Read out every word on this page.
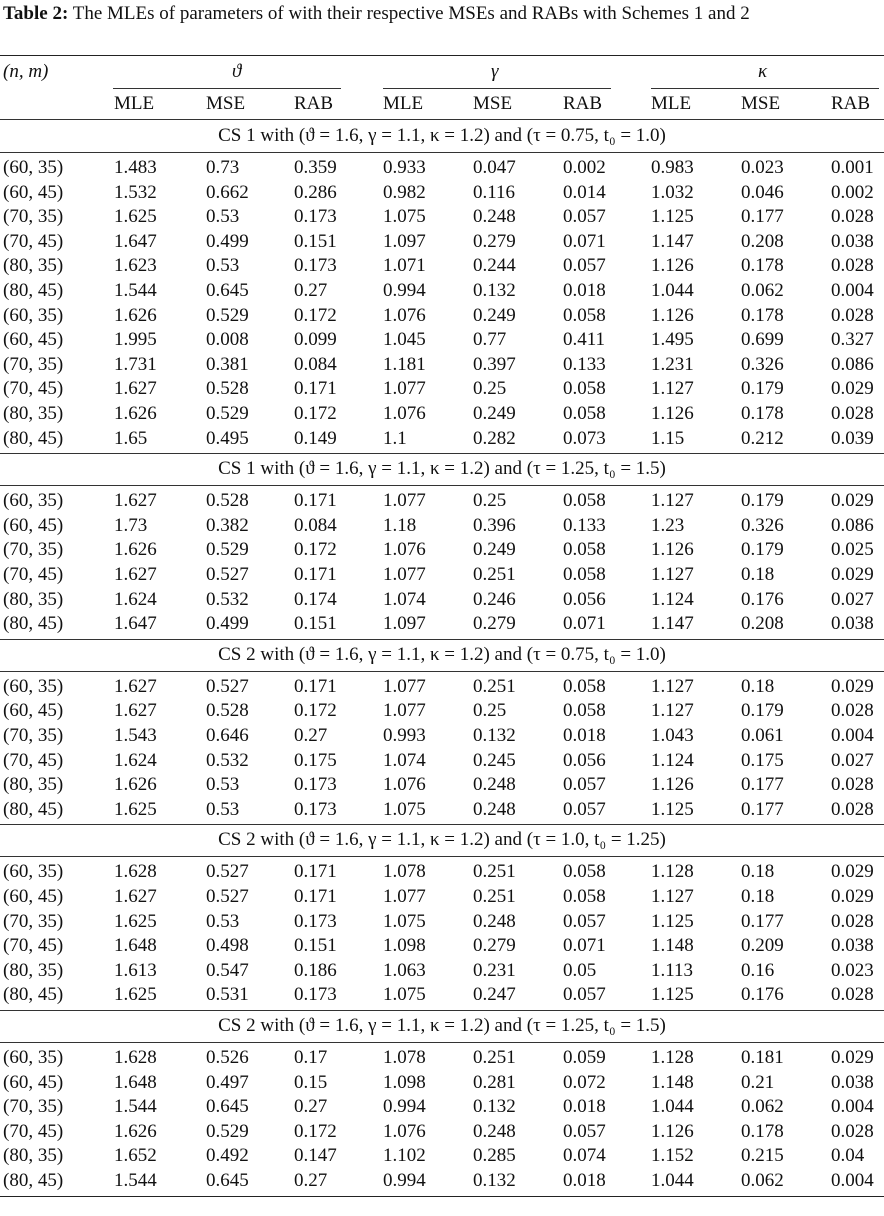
Table 2: The MLEs of parameters of with their respective MSEs and RABs with Schemes 1 and 2
(n, m)	ϑ	γ	κ
MLE	MSE	RAB	MLE	MSE	RAB	MLE	MSE	RAB
CS 1 with (ϑ = 1.6, γ = 1.1, κ = 1.2) and (τ = 0.75, t₀ = 1.0)
(60, 35)	1.483	0.73	0.359 0.933 0.047 0.002 0.983 0.023 0.001
(60, 45)	1.532	0.662 0.286 0.982 0.116	0.014 1.032 0.046 0.002
(70, 35)	1.625	0.53	0.173 1.075 0.248 0.057 1.125 0.177 0.028
(70, 45)	1.647	0.499 0.151 1.097 0.279 0.071 1.147 0.208 0.038
(80, 35)	1.623	0.53	0.173 1.071 0.244 0.057 1.126 0.178 0.028
(80, 45)	1.544	0.645 0.27	0.994 0.132 0.018 1.044 0.062 0.004
(60, 35)	1.626	0.529 0.172 1.076 0.249 0.058 1.126 0.178 0.028
(60, 45)	1.995	0.008 0.099 1.045 0.77	0.411 1.495 0.699 0.327
(70, 35)	1.731	0.381 0.084 1.181 0.397 0.133 1.231 0.326 0.086
(70, 45)	1.627	0.528 0.171 1.077 0.25	0.058 1.127 0.179 0.029
(80, 35)	1.626	0.529 0.172 1.076 0.249 0.058 1.126 0.178 0.028
(80, 45)	1.65	0.495 0.149 1.1	0.282 0.073 1.15	0.212 0.039
CS 1 with (ϑ = 1.6, γ = 1.1, κ = 1.2) and (τ = 1.25, t₀ = 1.5)
(60, 35)	1.627	0.528 0.171 1.077 0.25	0.058 1.127 0.179 0.029
(60, 45)	1.73	0.382 0.084 1.18	0.396 0.133 1.23	0.326 0.086
(70, 35)	1.626	0.529 0.172 1.076 0.249 0.058 1.126 0.179 0.025
(70, 45)	1.627	0.527 0.171 1.077 0.251 0.058 1.127 0.18	0.029
(80, 35)	1.624	0.532 0.174 1.074 0.246 0.056 1.124 0.176 0.027
(80, 45)	1.647	0.499 0.151 1.097 0.279 0.071 1.147 0.208 0.038
CS 2 with (ϑ = 1.6, γ = 1.1, κ = 1.2) and (τ = 0.75, t₀ = 1.0)
(60, 35)	1.627	0.527 0.171 1.077 0.251 0.058 1.127 0.18	0.029
(60, 45)	1.627	0.528 0.172 1.077 0.25	0.058 1.127 0.179 0.028
(70, 35)	1.543	0.646 0.27	0.993 0.132 0.018 1.043 0.061 0.004
(70, 45)	1.624	0.532 0.175 1.074 0.245 0.056 1.124 0.175 0.027
(80, 35)	1.626	0.53	0.173 1.076 0.248 0.057 1.126 0.177 0.028
(80, 45)	1.625	0.53	0.173 1.075 0.248 0.057 1.125 0.177 0.028
CS 2 with (ϑ = 1.6, γ = 1.1, κ = 1.2) and (τ = 1.0, t₀ = 1.25)
(60, 35)	1.628	0.527 0.171 1.078 0.251 0.058 1.128 0.18	0.029
(60, 45)	1.627	0.527 0.171 1.077 0.251 0.058 1.127 0.18	0.029
(70, 35)	1.625	0.53	0.173 1.075 0.248 0.057 1.125 0.177 0.028
(70, 45)	1.648	0.498 0.151 1.098 0.279 0.071 1.148 0.209 0.038
(80, 35)	1.613	0.547 0.186 1.063 0.231 0.05	1.113	0.16	0.023
(80, 45)	1.625	0.531 0.173 1.075 0.247 0.057 1.125 0.176 0.028
CS 2 with (ϑ = 1.6, γ = 1.1, κ = 1.2) and (τ = 1.25, t₀ = 1.5)
(60, 35)	1.628	0.526 0.17	1.078 0.251 0.059 1.128 0.181 0.029
(60, 45)	1.648	0.497 0.15	1.098 0.281 0.072 1.148 0.21	0.038
(70, 35)	1.544	0.645 0.27	0.994 0.132 0.018 1.044 0.062 0.004
(70, 45)	1.626	0.529 0.172 1.076 0.248 0.057 1.126 0.178 0.028
(80, 35)	1.652	0.492 0.147 1.102 0.285 0.074 1.152 0.215 0.04
(80, 45)	1.544	0.645 0.27	0.994 0.132 0.018 1.044 0.062 0.004
